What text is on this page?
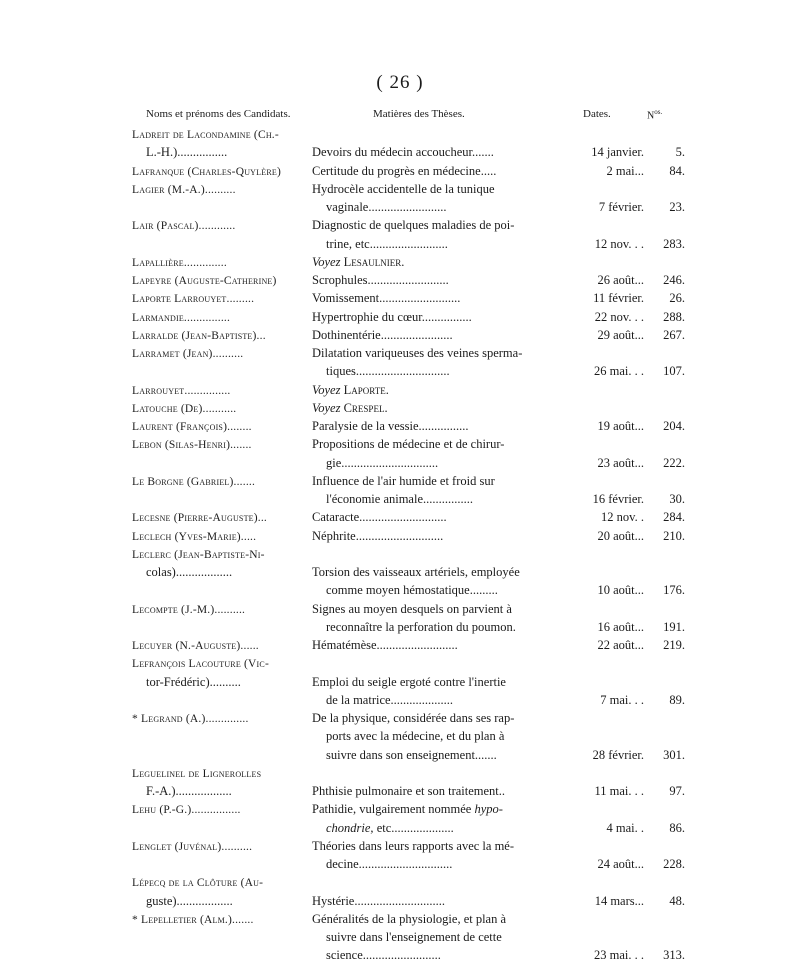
( 26 )
Noms et prénoms des Candidats.	Matières des Thèses.	Dates.	$N^{os.}$
Ladreit de Lacondamine (Ch.-
L.-H.)................	Devoirs du médecin accoucheur.......	14 janvier.	5.
Lafranque (Charles-Quylère)	Certitude du progrès en médecine.....	2 mai...	84.
Lagier (M.-A.)..........	Hydrocèle accidentelle de la tunique
vaginale.........................	7 février.	23.
Lair (Pascal)............	Diagnostic de quelques maladies de poi-
trine, etc.........................	12 nov. . .	283.
Lapallière..............	Voyez Lesaulnier.
Lapeyre (Auguste-Catherine)	Scrophules..........................	26 août...	246.
Laporte Larrouyet.........	Vomissement..........................	11 février.	26.
Larmandie...............	Hypertrophie du cœur................	22 nov. . .	288.
Larralde (Jean-Baptiste)...	Dothinentérie.......................	29 août...	267.
Larramet (Jean)..........	Dilatation variqueuses des veines sperma-
tiques..............................	26 mai. . .	107.
Larrouyet...............	Voyez Laporte.
Latouche (De)...........	Voyez Crespel.
Laurent (François)........	Paralysie de la vessie................	19 août...	204.
Lebon (Silas-Henri).......	Propositions de médecine et de chirur-
gie...............................	23 août...	222.
Le Borgne (Gabriel).......	Influence de l'air humide et froid sur
l'économie animale................	16 février.	30.
Lecesne (Pierre-Auguste)...	Cataracte............................	12 nov. .	284.
Leclech (Yves-Marie).....	Néphrite............................	20 août...	210.
Leclerc (Jean-Baptiste-Ni-
colas)..................	Torsion des vaisseaux artériels, employée
comme moyen hémostatique.........	10 août...	176.
Lecompte (J.-M.)..........	Signes au moyen desquels on parvient à
reconnaître la perforation du poumon.	16 août...	191.
Lecuyer (N.-Auguste)......	Hématémèse..........................	22 août...	219.
Lefrançois Lacouture (Vic-
tor-Frédéric)..........	Emploi du seigle ergoté contre l'inertie
de la matrice....................	7 mai. . .	89.
* Legrand (A.)..............	De la physique, considérée dans ses rap-
ports avec la médecine, et du plan à
suivre dans son enseignement.......	28 février.	301.
Leguelinel de Lignerolles
F.-A.)..................	Phthisie pulmonaire et son traitement..	11 mai. . .	97.
Lehu (P.-G.)................	Pathidie, vulgairement nommée hypo-
chondrie, etc....................	4 mai. .	86.
Lenglet (Juvénal)..........	Théories dans leurs rapports avec la mé-
decine..............................	24 août...	228.
Lépecq de la Clôture (Au-
guste)..................	Hystérie.............................	14 mars...	48.
* Lepelletier (Alm.).......	Généralités de la physiologie, et plan à
suivre dans l'enseignement de cette
science.........................	23 mai. . .	313.
